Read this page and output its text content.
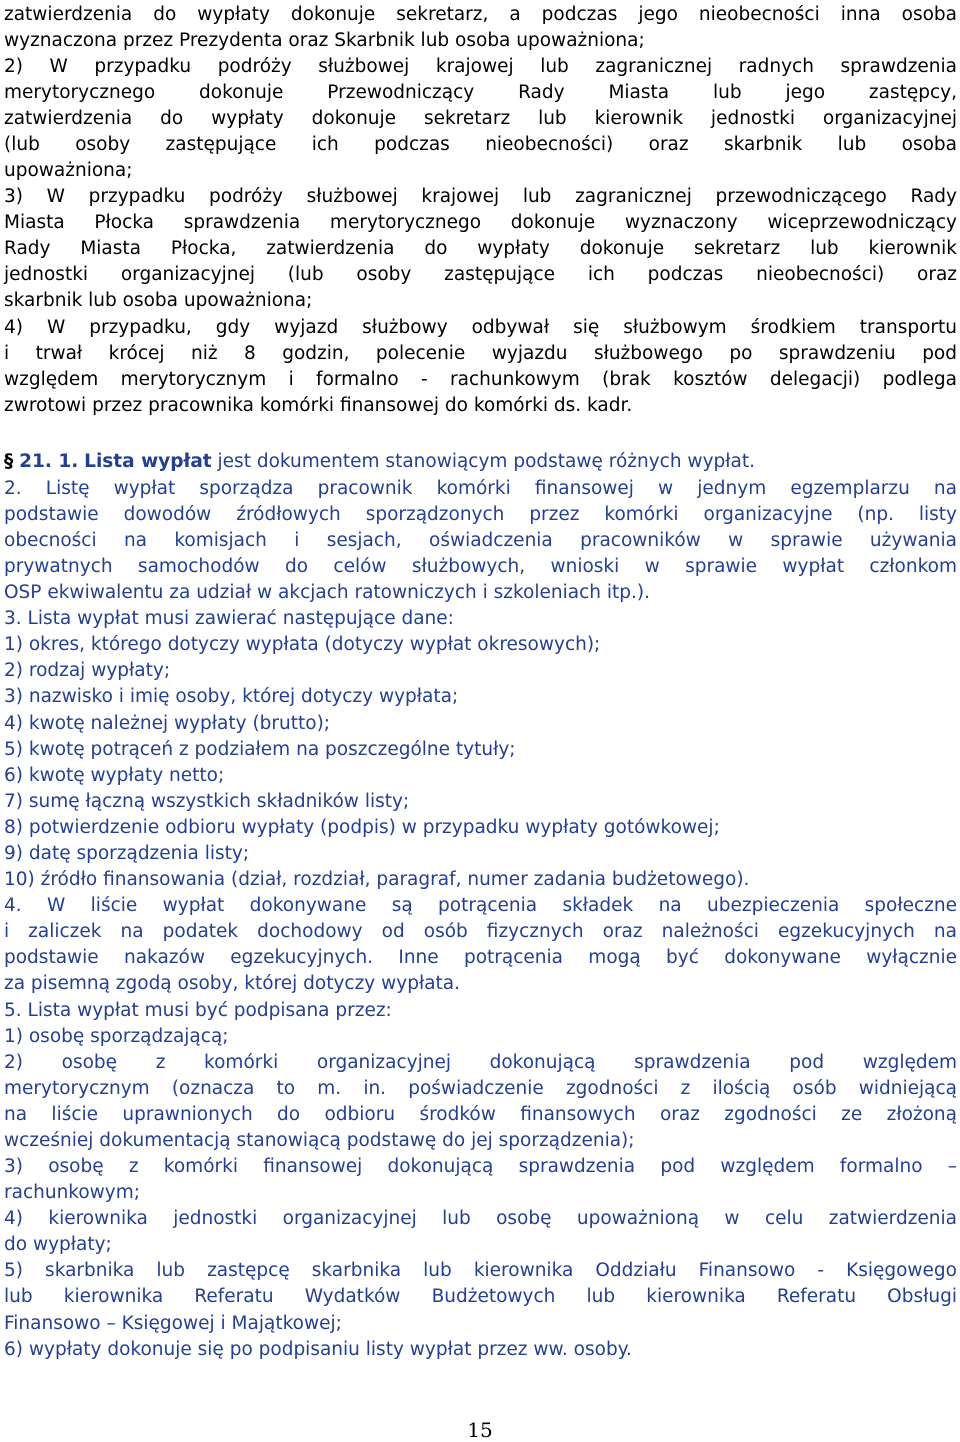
zatwierdzenia do wypłaty dokonuje sekretarz, a podczas jego nieobecności inna osoba
wyznaczona przez Prezydenta oraz Skarbnik lub osoba upoważniona;
2) W przypadku podróży służbowej krajowej lub zagranicznej radnych sprawdzenia
merytorycznego dokonuje Przewodniczący Rady Miasta lub jego zastępcy,
zatwierdzenia do wypłaty dokonuje sekretarz lub kierownik jednostki organizacyjnej
(lub osoby zastępujące ich podczas nieobecności) oraz skarbnik lub osoba
upoważniona;
3) W przypadku podróży służbowej krajowej lub zagranicznej przewodniczącego Rady
Miasta Płocka sprawdzenia merytorycznego dokonuje wyznaczony wiceprzewodniczący
Rady Miasta Płocka, zatwierdzenia do wypłaty dokonuje sekretarz lub kierownik
jednostki organizacyjnej (lub osoby zastępujące ich podczas nieobecności) oraz
skarbnik lub osoba upoważniona;
4) W przypadku, gdy wyjazd służbowy odbywał się służbowym środkiem transportu
i trwał krócej niż 8 godzin, polecenie wyjazdu służbowego po sprawdzeniu pod
względem merytorycznym i formalno - rachunkowym (brak kosztów delegacji) podlega
zwrotowi przez pracownika komórki finansowej do komórki ds. kadr.
§ 21. 1. Lista wypłat jest dokumentem stanowiącym podstawę różnych wypłat.
2. Listę wypłat sporządza pracownik komórki finansowej w jednym egzemplarzu na
podstawie dowodów źródłowych sporządzonych przez komórki organizacyjne (np. listy
obecności na komisjach i sesjach, oświadczenia pracowników w sprawie używania
prywatnych samochodów do celów służbowych, wnioski w sprawie wypłat członkom
OSP ekwiwalentu za udział w akcjach ratowniczych i szkoleniach itp.).
3. Lista wypłat musi zawierać następujące dane:
1) okres, którego dotyczy wypłata (dotyczy wypłat okresowych);
2) rodzaj wypłaty;
3) nazwisko i imię osoby, której dotyczy wypłata;
4) kwotę należnej wypłaty (brutto);
5) kwotę potrąceń z podziałem na poszczególne tytuły;
6) kwotę wypłaty netto;
7) sumę łączną wszystkich składników listy;
8) potwierdzenie odbioru wypłaty (podpis) w przypadku wypłaty gotówkowej;
9) datę sporządzenia listy;
10) źródło finansowania (dział, rozdział, paragraf, numer zadania budżetowego).
4. W liście wypłat dokonywane są potrącenia składek na ubezpieczenia społeczne
i zaliczek na podatek dochodowy od osób fizycznych oraz należności egzekucyjnych na
podstawie nakazów egzekucyjnych. Inne potrącenia mogą być dokonywane wyłącznie
za pisemną zgodą osoby, której dotyczy wypłata.
5. Lista wypłat musi być podpisana przez:
1) osobę sporządzającą;
2) osobę z komórki organizacyjnej dokonującą sprawdzenia pod względem
merytorycznym (oznacza to m. in. poświadczenie zgodności z ilością osób widniejącą
na liście uprawnionych do odbioru środków finansowych oraz zgodności ze złożoną
wcześniej dokumentacją stanowiącą podstawę do jej sporządzenia);
3) osobę z komórki finansowej dokonującą sprawdzenia pod względem formalno –
rachunkowym;
4) kierownika jednostki organizacyjnej lub osobę upoważnioną w celu zatwierdzenia
do wypłaty;
5) skarbnika lub zastępcę skarbnika lub kierownika Oddziału Finansowo - Księgowego
lub kierownika Referatu Wydatków Budżetowych lub kierownika Referatu Obsługi
Finansowo – Księgowej i Majątkowej;
6) wypłaty dokonuje się po podpisaniu listy wypłat przez ww. osoby.
15
